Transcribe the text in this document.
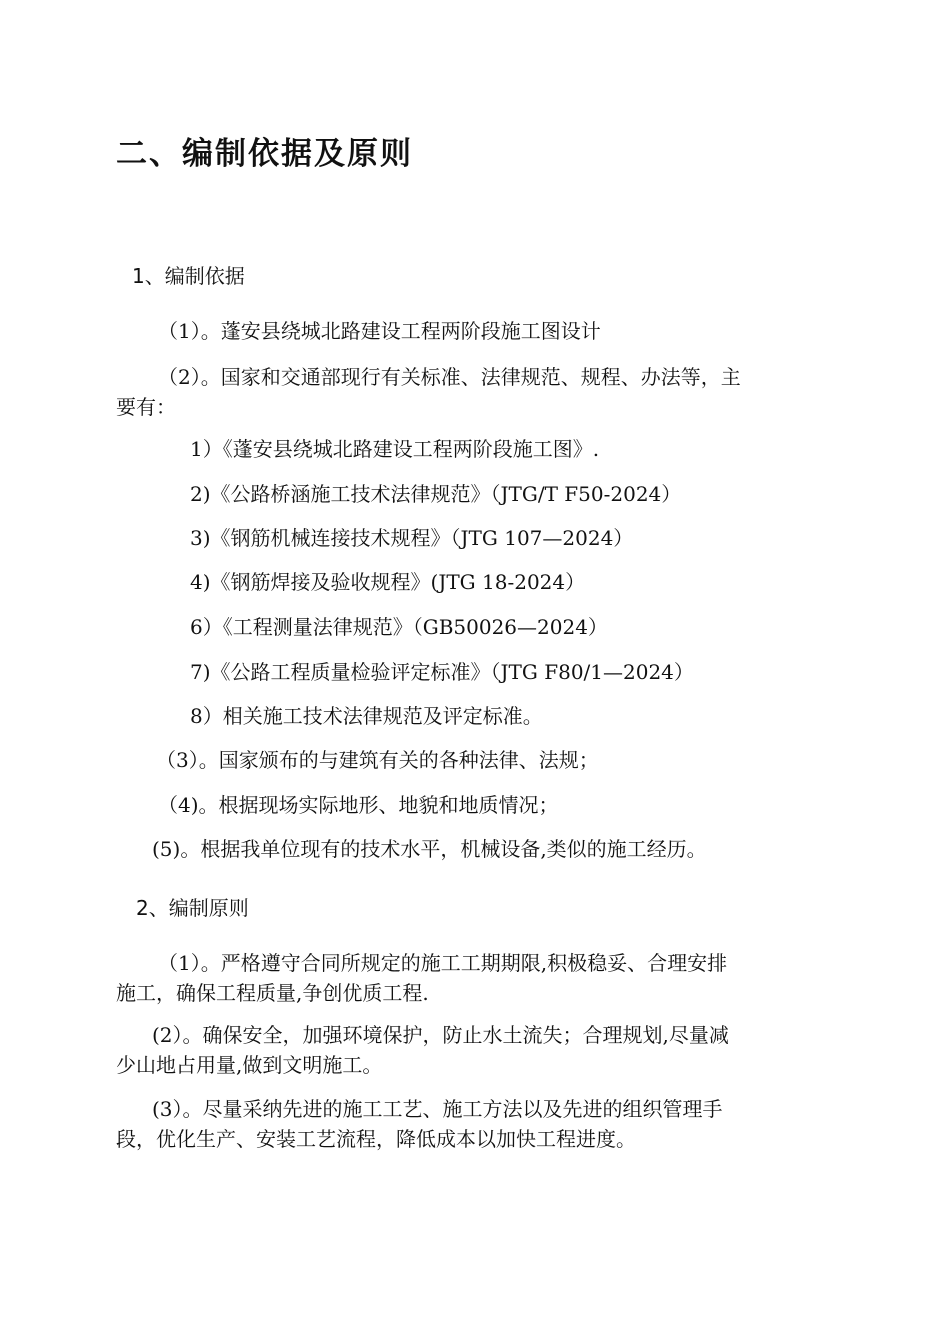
二、编制依据及原则
1、编制依据
（1）。蓬安县绕城北路建设工程两阶段施工图设计
（2）。国家和交通部现行有关标准、法律规范、规程、办法等，主
要有：
1）《蓬安县绕城北路建设工程两阶段施工图》.
2)《公路桥涵施工技术法律规范》（JTG/T F50-2024）
3)《钢筋机械连接技术规程》（JTG 107—2024）
4)《钢筋焊接及验收规程》(JTG 18-2024）
6）《工程测量法律规范》（GB50026—2024）
7)《公路工程质量检验评定标准》（JTG F80/1—2024）
8）相关施工技术法律规范及评定标准。
（3）。国家颁布的与建筑有关的各种法律、法规；
（4)。根据现场实际地形、地貌和地质情况；
(5)。根据我单位现有的技术水平，机械设备,类似的施工经历。
2、编制原则
（1）。严格遵守合同所规定的施工工期期限,积极稳妥、合理安排
施工，确保工程质量,争创优质工程.
(2）。确保安全，加强环境保护，防止水土流失；合理规划,尽量减
少山地占用量,做到文明施工。
(3）。尽量采纳先进的施工工艺、施工方法以及先进的组织管理手
段，优化生产、安装工艺流程，降低成本以加快工程进度。
